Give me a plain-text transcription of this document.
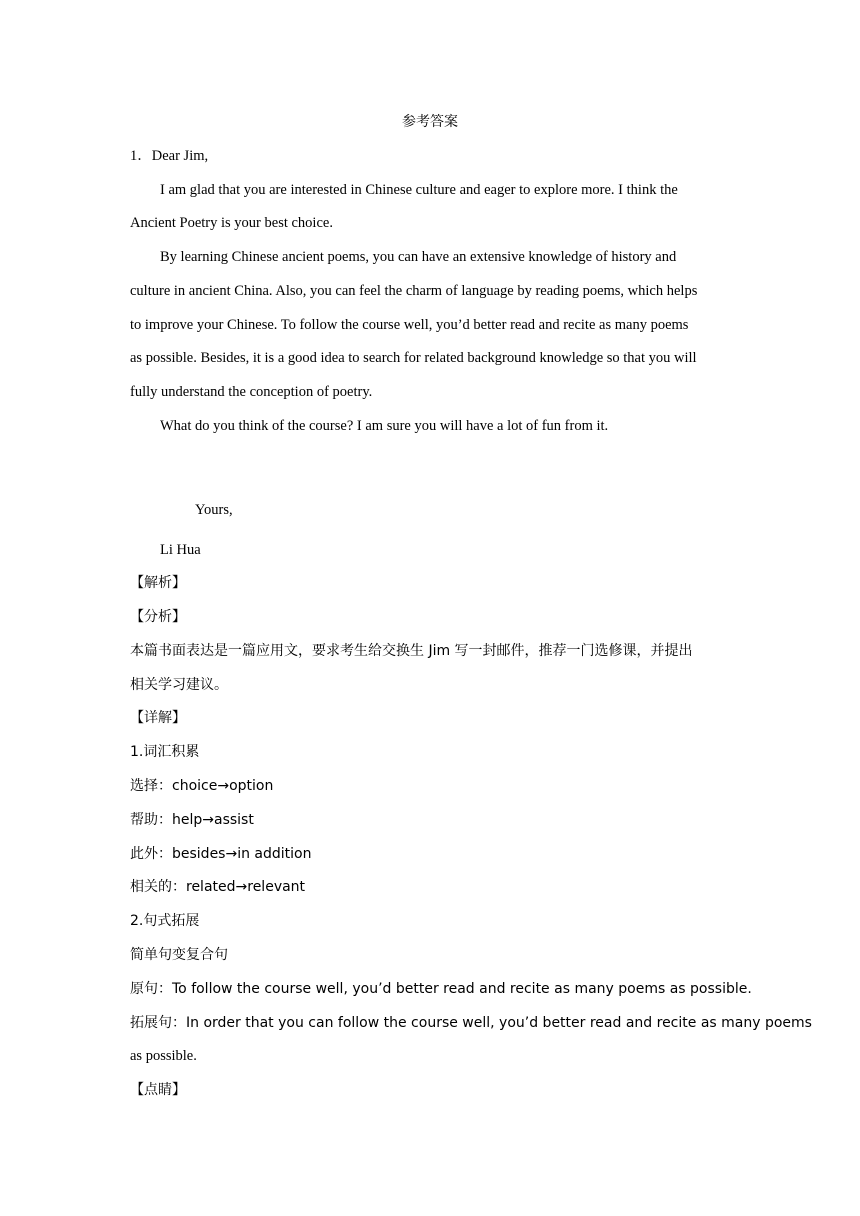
参考答案
1．Dear Jim,
I am glad that you are interested in Chinese culture and eager to explore more. I think the
Ancient Poetry is your best choice.
By learning Chinese ancient poems, you can have an extensive knowledge of history and
culture in ancient China. Also, you can feel the charm of language by reading poems, which helps
to improve your Chinese. To follow the course well, you’d better read and recite as many poems
as possible. Besides, it is a good idea to search for related background knowledge so that you will
fully understand the conception of poetry.
What do you think of the course? I am sure you will have a lot of fun from it.
Yours,
Li Hua
【解析】
【分析】
本篇书面表达是一篇应用文，要求考生给交换生 Jim 写一封邮件，推荐一门选修课，并提出
相关学习建议。
【详解】
1.词汇积累
选择：choice→option
帮助：help→assist
此外：besides→in addition
相关的：related→relevant
2.句式拓展
简单句变复合句
原句：To follow the course well, you’d better read and recite as many poems as possible.
拓展句：In order that you can follow the course well, you’d better read and recite as many poems
as possible.
【点睛】
